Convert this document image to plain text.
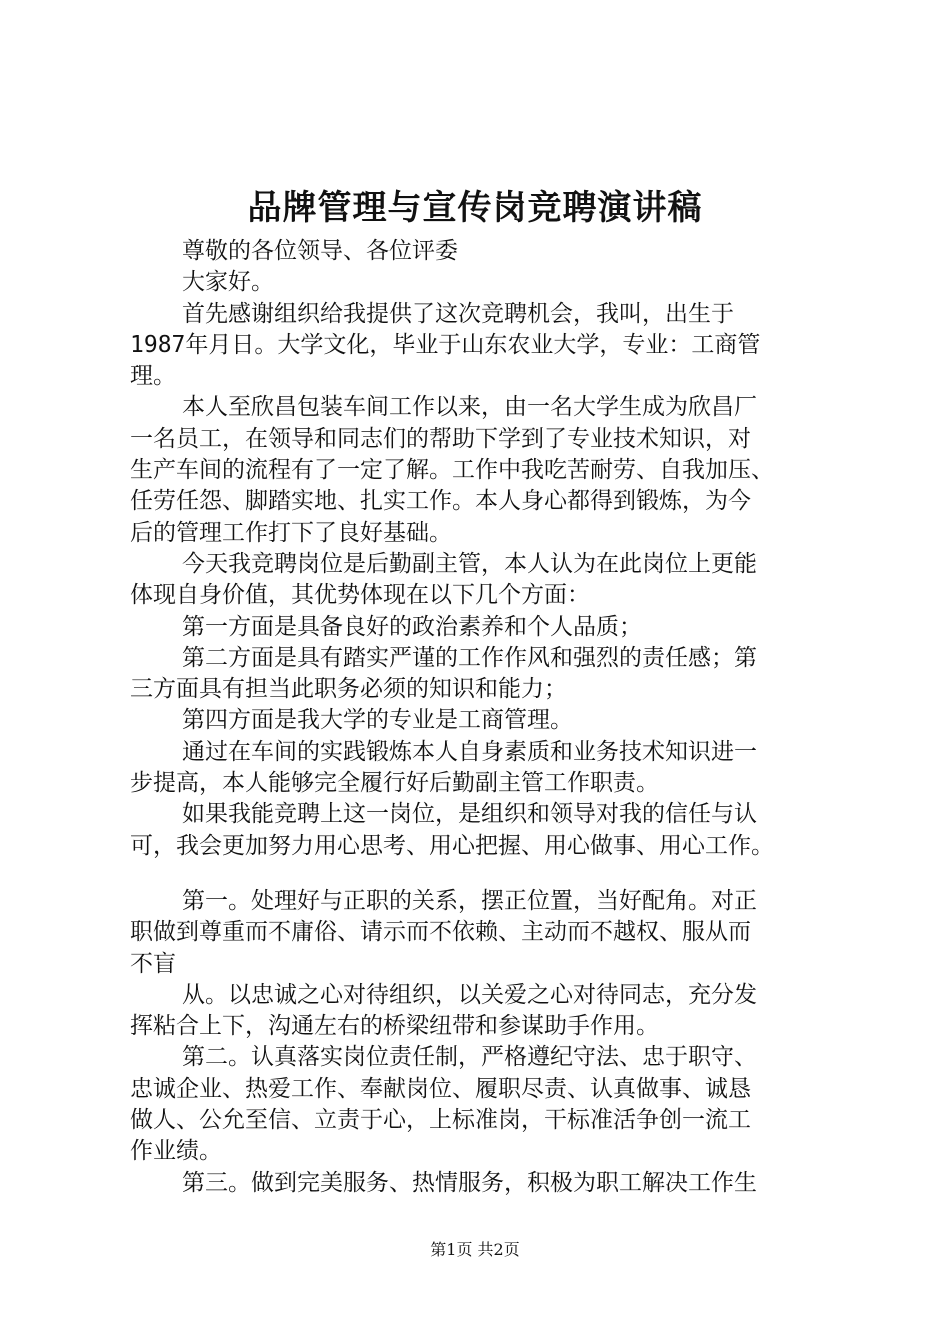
品牌管理与宣传岗竞聘演讲稿
尊敬的各位领导、各位评委
大家好。
首先感谢组织给我提供了这次竞聘机会，我叫，出生于
1987年月日。大学文化，毕业于山东农业大学，专业：工商管
理。
本人至欣昌包装车间工作以来，由一名大学生成为欣昌厂
一名员工，在领导和同志们的帮助下学到了专业技术知识，对
生产车间的流程有了一定了解。工作中我吃苦耐劳、自我加压、
任劳任怨、脚踏实地、扎实工作。本人身心都得到锻炼，为今
后的管理工作打下了良好基础。
今天我竞聘岗位是后勤副主管，本人认为在此岗位上更能
体现自身价值，其优势体现在以下几个方面：
第一方面是具备良好的政治素养和个人品质；
第二方面是具有踏实严谨的工作作风和强烈的责任感；第
三方面具有担当此职务必须的知识和能力；
第四方面是我大学的专业是工商管理。
通过在车间的实践锻炼本人自身素质和业务技术知识进一
步提高，本人能够完全履行好后勤副主管工作职责。
如果我能竞聘上这一岗位，是组织和领导对我的信任与认
可，我会更加努力用心思考、用心把握、用心做事、用心工作。
第一。处理好与正职的关系，摆正位置，当好配角。对正
职做到尊重而不庸俗、请示而不依赖、主动而不越权、服从而
不盲
从。以忠诚之心对待组织，以关爱之心对待同志，充分发
挥粘合上下，沟通左右的桥梁纽带和参谋助手作用。
第二。认真落实岗位责任制，严格遵纪守法、忠于职守、
忠诚企业、热爱工作、奉献岗位、履职尽责、认真做事、诚恳
做人、公允至信、立责于心，上标准岗，干标准活争创一流工
作业绩。
第三。做到完美服务、热情服务，积极为职工解决工作生
第1页 共2页
